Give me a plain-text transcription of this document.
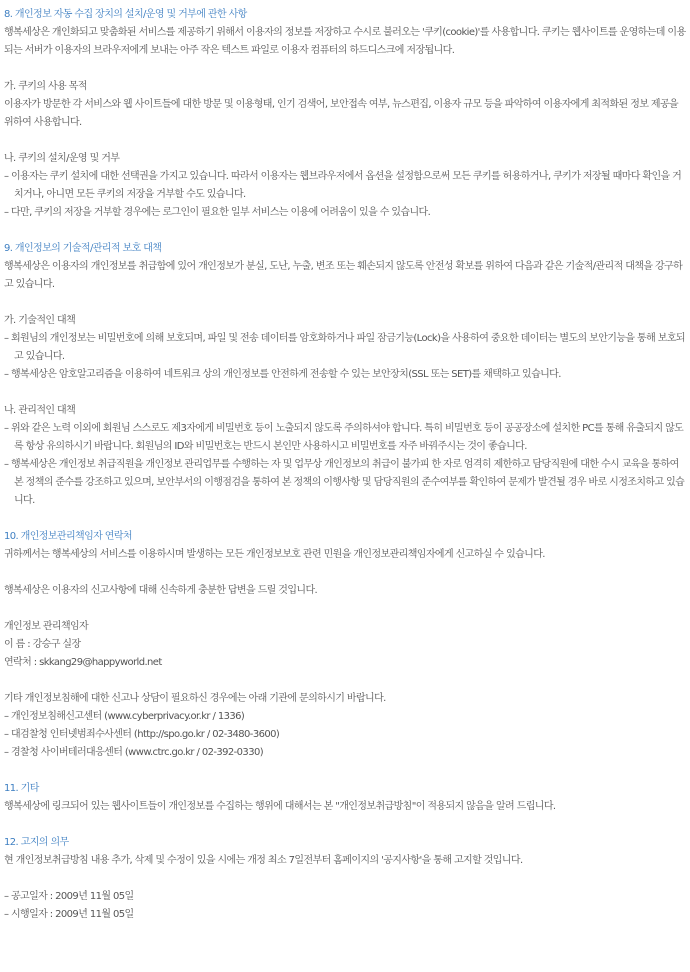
8. 개인정보 자동 수집 장치의 설치/운영 및 거부에 관한 사항
행복세상은 개인화되고 맞춤화된 서비스를 제공하기 위해서 이용자의 정보를 저장하고 수시로 불러오는 '쿠키(cookie)'를 사용합니다. 쿠키는 웹사이트를 운영하는데 이용되는 서버가 이용자의 브라우저에게 보내는 아주 작은 텍스트 파일로 이용자 컴퓨터의 하드디스크에 저장됩니다.
가. 쿠키의 사용 목적
이용자가 방문한 각 서비스와 웹 사이트들에 대한 방문 및 이용형태, 인기 검색어, 보안접속 여부, 뉴스편집, 이용자 규모 등을 파악하여 이용자에게 최적화된 정보 제공을 위하여 사용합니다.
나. 쿠키의 설치/운영 및 거부
– 이용자는 쿠키 설치에 대한 선택권을 가지고 있습니다. 따라서 이용자는 웹브라우저에서 옵션을 설정함으로써 모든 쿠키를 허용하거나, 쿠키가 저장될 때마다 확인을 거치거나, 아니면 모든 쿠키의 저장을 거부할 수도 있습니다.
– 다만, 쿠키의 저장을 거부할 경우에는 로그인이 필요한 일부 서비스는 이용에 어려움이 있을 수 있습니다.
9. 개인정보의 기술적/관리적 보호 대책
행복세상은 이용자의 개인정보를 취급함에 있어 개인정보가 분실, 도난, 누출, 변조 또는 훼손되지 않도록 안전성 확보를 위하여 다음과 같은 기술적/관리적 대책을 강구하고 있습니다.
가. 기술적인 대책
– 회원님의 개인정보는 비밀번호에 의해 보호되며, 파일 및 전송 데이터를 암호화하거나 파일 잠금기능(Lock)을 사용하여 중요한 데이터는 별도의 보안기능을 통해 보호되고 있습니다.
– 행복세상은 암호알고리즘을 이용하여 네트워크 상의 개인정보를 안전하게 전송할 수 있는 보안장치(SSL 또는 SET)를 채택하고 있습니다.
나. 관리적인 대책
– 위와 같은 노력 이외에 회원님 스스로도 제3자에게 비밀번호 등이 노출되지 않도록 주의하셔야 합니다. 특히 비밀번호 등이 공공장소에 설치한 PC를 통해 유출되지 않도록 항상 유의하시기 바랍니다. 회원님의 ID와 비밀번호는 반드시 본인만 사용하시고 비밀번호를 자주 바꿔주시는 것이 좋습니다.
– 행복세상은 개인정보 취급직원을 개인정보 관리업무를 수행하는 자 및 업무상 개인정보의 취급이 불가피 한 자로 엄격히 제한하고 담당직원에 대한 수시 교육을 통하여 본 정책의 준수를 강조하고 있으며, 보안부서의 이행점검을 통하여 본 정책의 이행사항 및 담당직원의 준수여부를 확인하여 문제가 발견될 경우 바로 시정조치하고 있습니다.
10. 개인정보관리책임자 연락처
귀하께서는 행복세상의 서비스를 이용하시며 발생하는 모든 개인정보보호 관련 민원을 개인정보관리책임자에게 신고하실 수 있습니다.
행복세상은 이용자의 신고사항에 대해 신속하게 충분한 답변을 드릴 것입니다.
개인정보 관리책임자
이 름 : 강승구 실장
연락처 : skkang29@happyworld.net
기타 개인정보침해에 대한 신고나 상담이 필요하신 경우에는 아래 기관에 문의하시기 바랍니다.
– 개인정보침해신고센터 (www.cyberprivacy.or.kr / 1336)
– 대검찰청 인터넷범죄수사센터 (http://spo.go.kr / 02-3480-3600)
– 경찰청 사이버테러대응센터 (www.ctrc.go.kr / 02-392-0330)
11. 기타
행복세상에 링크되어 있는 웹사이트들이 개인정보를 수집하는 행위에 대해서는 본 "개인정보취급방침"이 적용되지 않음을 알려 드립니다.
12. 고지의 의무
현 개인정보취급방침 내용 추가, 삭제 및 수정이 있을 시에는 개정 최소 7일전부터 홈페이지의 '공지사항'을 통해 고지할 것입니다.
– 공고일자 : 2009년 11월 05일
– 시행일자 : 2009년 11월 05일
